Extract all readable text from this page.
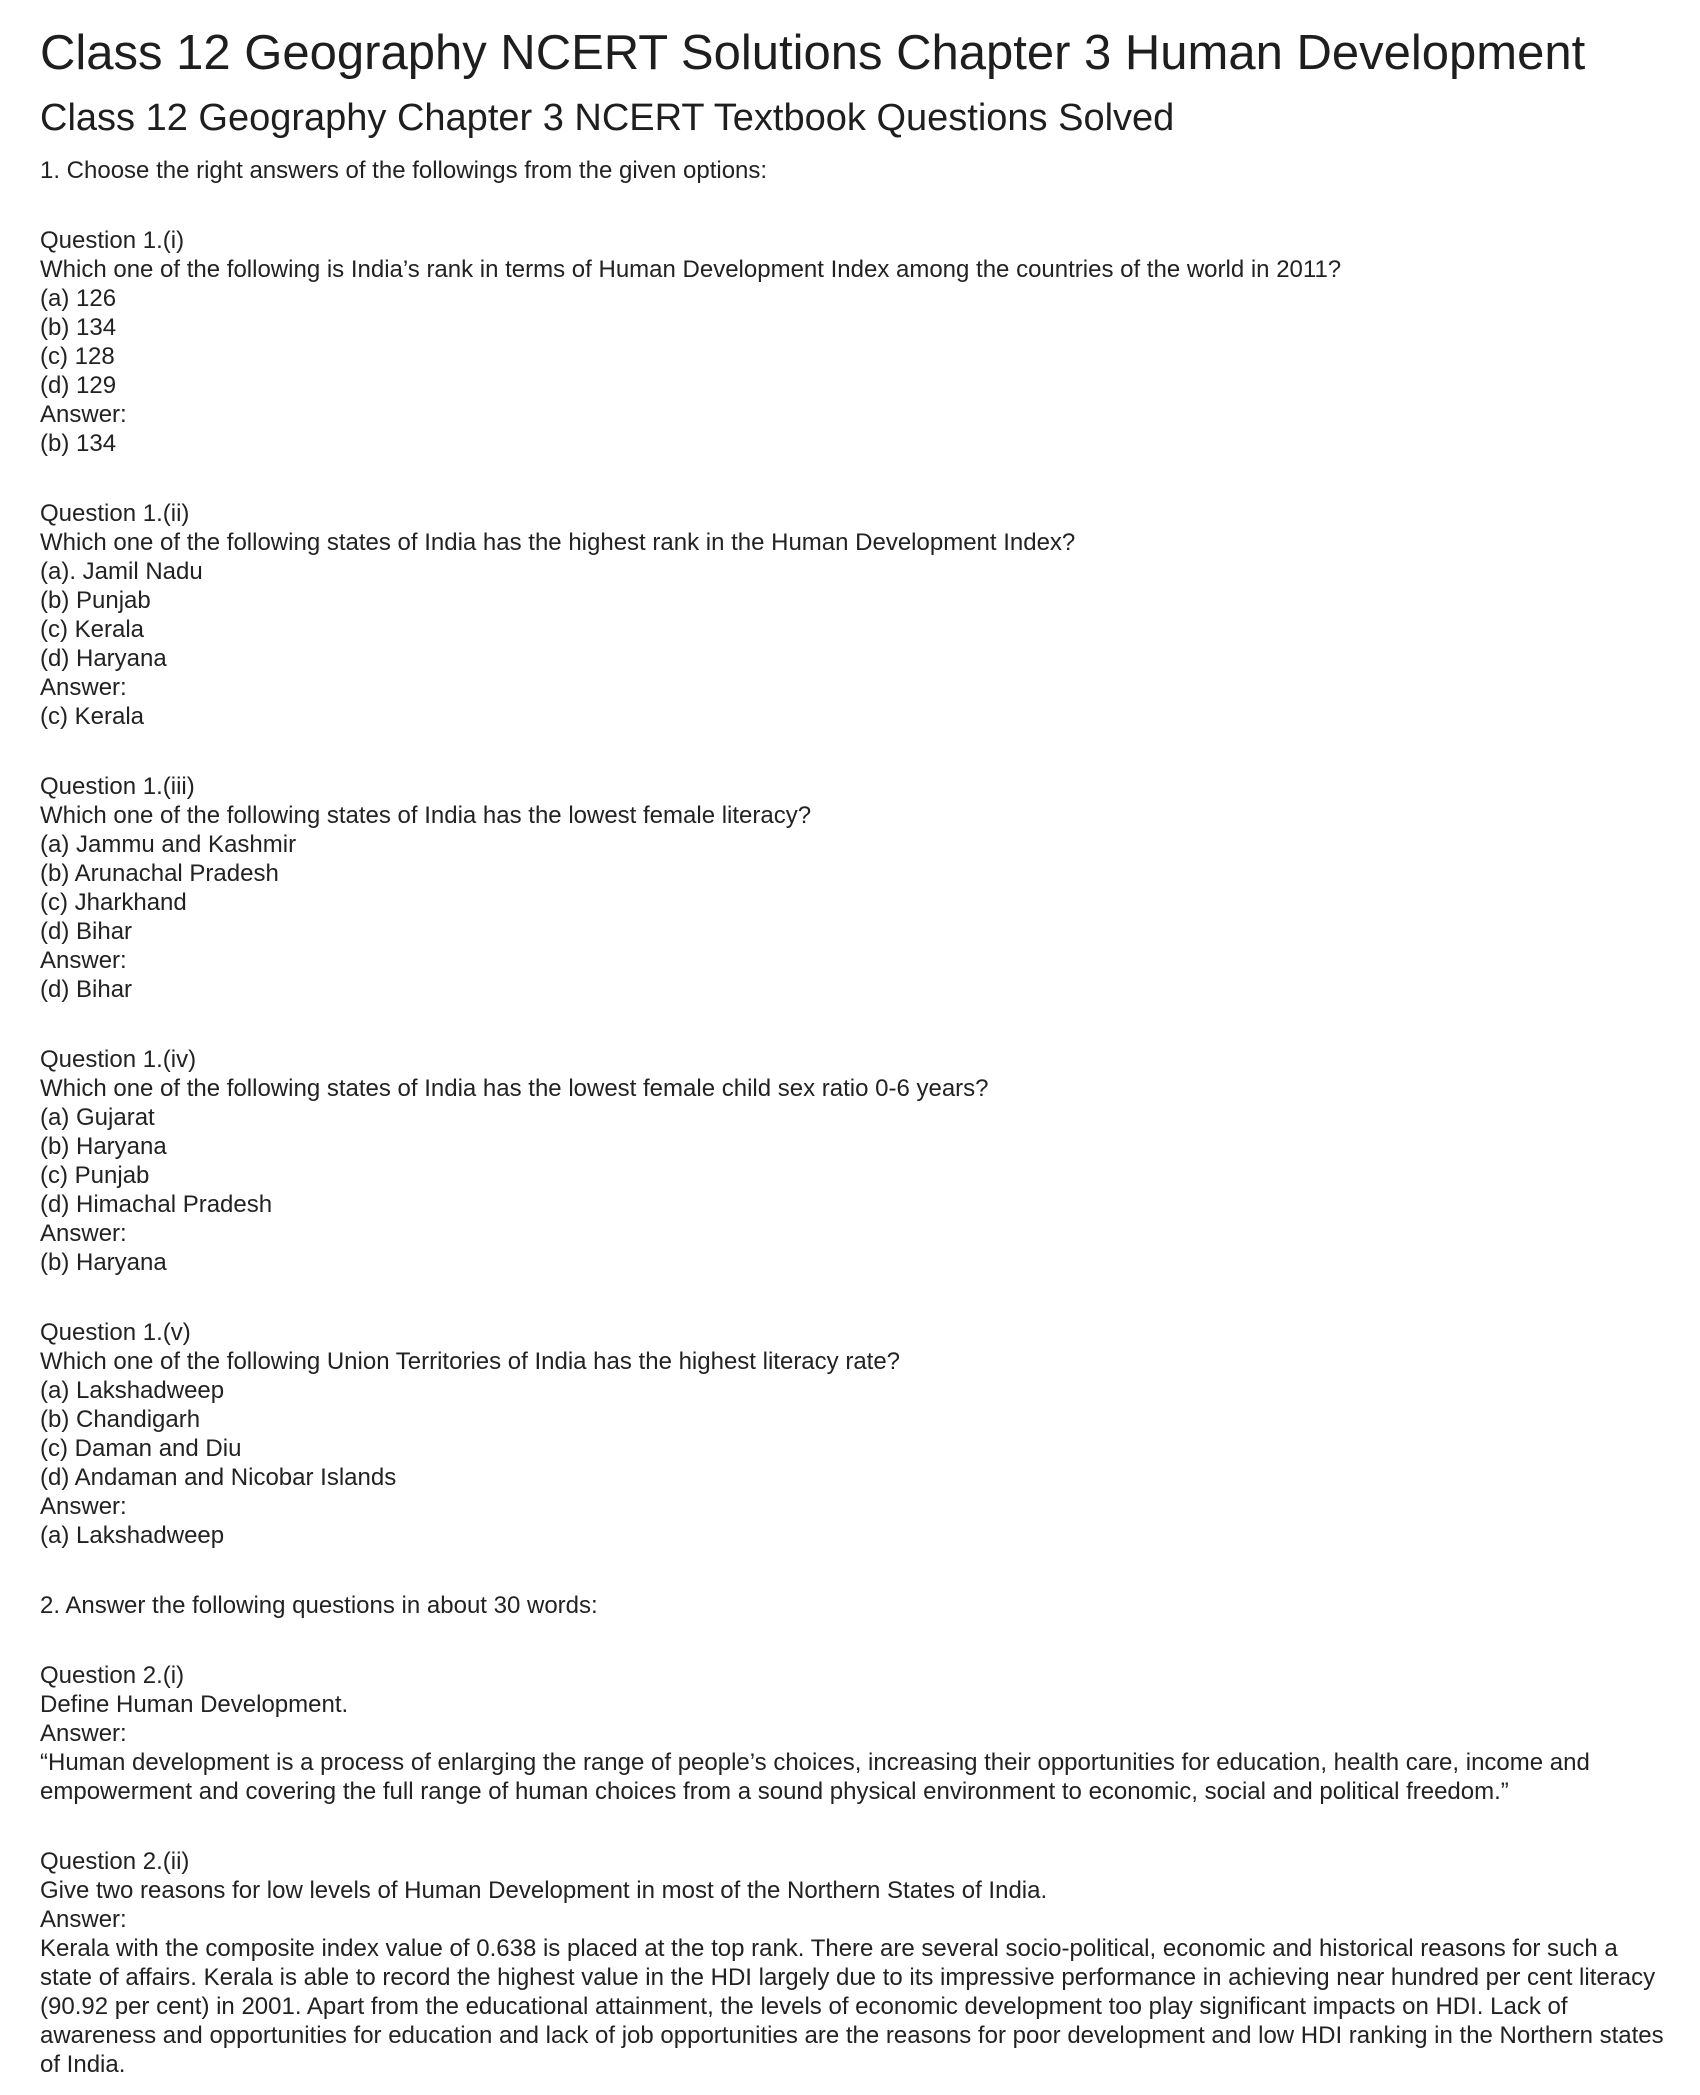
Class 12 Geography NCERT Solutions Chapter 3 Human Development
Class 12 Geography Chapter 3 NCERT Textbook Questions Solved

1. Choose the right answers of the followings from the given options:

Question 1.(i)

Which one of the following is India’s rank in terms of Human Development Index among the countries of the world in 2011?

(a) 126

(b) 134

(c) 128

(d) 129

Answer:

(b) 134

Question 1.(ii)

Which one of the following states of India has the highest rank in the Human Development Index?

(a). Jamil Nadu

(b) Punjab

(c) Kerala

(d) Haryana

Answer:

(c) Kerala

Question 1.(iii)

Which one of the following states of India has the lowest female literacy?

(a) Jammu and Kashmir

(b) Arunachal Pradesh

(c) Jharkhand

(d) Bihar

Answer:

(d) Bihar

Question 1.(iv)

Which one of the following states of India has the lowest female child sex ratio 0-6 years?

(a) Gujarat

(b) Haryana

(c) Punjab

(d) Himachal Pradesh

Answer:

(b) Haryana

Question 1.(v)

Which one of the following Union Territories of India has the highest literacy rate?

(a) Lakshadweep

(b) Chandigarh

(c) Daman and Diu

(d) Andaman and Nicobar Islands

Answer:

(a) Lakshadweep

2. Answer the following questions in about 30 words:

Question 2.(i)

Define Human Development.

Answer:

“Human development is a process of enlarging the range of people’s choices, increasing their opportunities for education, health care, income and empowerment and covering the full range of human choices from a sound physical environment to economic, social and political freedom.”

Question 2.(ii)

Give two reasons for low levels of Human Development in most of the Northern States of India.

Answer:

Kerala with the composite index value of 0.638 is placed at the top rank. There are several socio-political, economic and historical reasons for such a state of affairs. Kerala is able to record the highest value in the HDI largely due to its impressive performance in achieving near hundred per cent literacy (90.92 per cent) in 2001. Apart from the educational attainment, the levels of economic development too play significant impacts on HDI. Lack of awareness and opportunities for education and lack of job opportunities are the reasons for poor development and low HDI ranking in the Northern states of India.
